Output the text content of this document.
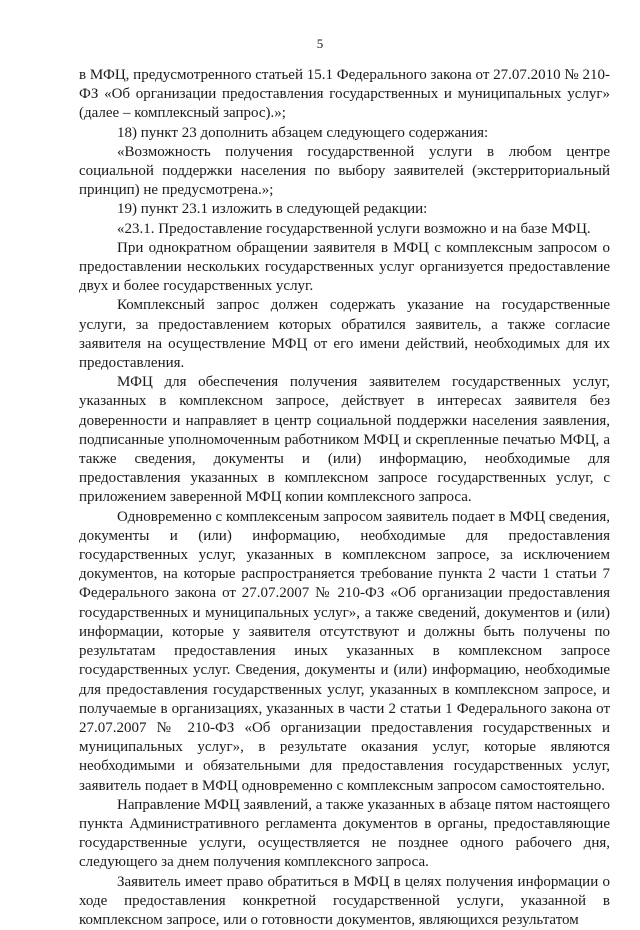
5

в МФЦ, предусмотренного статьей 15.1 Федерального закона от 27.07.2010 № 210-ФЗ «Об организации предоставления государственных и муниципальных услуг» (далее – комплексный запрос).»;

18) пункт 23 дополнить абзацем следующего содержания:

«Возможность получения государственной услуги в любом центре социальной поддержки населения по выбору заявителей (экстерриториальный принцип) не предусмотрена.»;

19) пункт 23.1 изложить в следующей редакции:

«23.1. Предоставление государственной услуги возможно и на базе МФЦ.

При однократном обращении заявителя в МФЦ с комплексным запросом о предоставлении нескольких государственных услуг организуется предоставление двух и более государственных услуг.

Комплексный запрос должен содержать указание на государственные услуги, за предоставлением которых обратился заявитель, а также согласие заявителя на осуществление МФЦ от его имени действий, необходимых для их предоставления.

МФЦ для обеспечения получения заявителем государственных услуг, указанных в комплексном запросе, действует в интересах заявителя без доверенности и направляет в центр социальной поддержки населения заявления, подписанные уполномоченным работником МФЦ и скрепленные печатью МФЦ, а также сведения, документы и (или) информацию, необходимые для предоставления указанных в комплексном запросе государственных услуг, с приложением заверенной МФЦ копии комплексного запроса.

Одновременно с комплексеным запросом заявитель подает в МФЦ сведения, документы и (или) информацию, необходимые для предоставления государственных услуг, указанных в комплексном запросе, за исключением документов, на которые распространяется требование пункта 2 части 1 статьи 7 Федерального закона от 27.07.2007 № 210-ФЗ «Об организации предоставления государственных и муниципальных услуг», а также сведений, документов и (или) информации, которые у заявителя отсутствуют и должны быть получены по результатам предоставления иных указанных в комплексном запросе государственных услуг. Сведения, документы и (или) информацию, необходимые для предоставления государственных услуг, указанных в комплексном запросе, и получаемые в организациях, указанных в части 2 статьи 1 Федерального закона от 27.07.2007 № 210-ФЗ «Об организации предоставления государственных и муниципальных услуг», в результате оказания услуг, которые являются необходимыми и обязательными для предоставления государственных услуг, заявитель подает в МФЦ одновременно с комплексным запросом самостоятельно.

Направление МФЦ заявлений, а также указанных в абзаце пятом настоящего пункта Административного регламента документов в органы, предоставляющие государственные услуги, осуществляется не позднее одного рабочего дня, следующего за днем получения комплексного запроса.

Заявитель имеет право обратиться в МФЦ в целях получения информации о ходе предоставления конкретной государственной услуги, указанной в комплексном запросе, или о готовности документов, являющихся результатом
